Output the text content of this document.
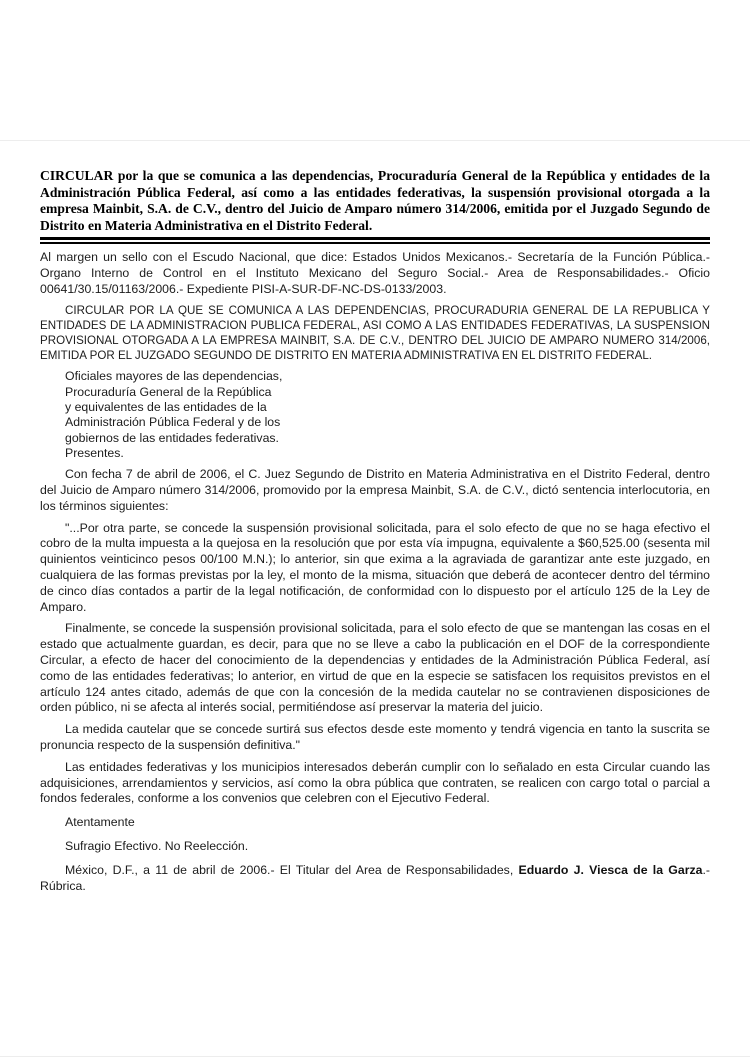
CIRCULAR por la que se comunica a las dependencias, Procuraduría General de la República y entidades de la Administración Pública Federal, así como a las entidades federativas, la suspensión provisional otorgada a la empresa Mainbit, S.A. de C.V., dentro del Juicio de Amparo número 314/2006, emitida por el Juzgado Segundo de Distrito en Materia Administrativa en el Distrito Federal.

Al margen un sello con el Escudo Nacional, que dice: Estados Unidos Mexicanos.- Secretaría de la Función Pública.- Organo Interno de Control en el Instituto Mexicano del Seguro Social.- Area de Responsabilidades.- Oficio 00641/30.15/01163/2006.- Expediente PISI-A-SUR-DF-NC-DS-0133/2003.

CIRCULAR POR LA QUE SE COMUNICA A LAS DEPENDENCIAS, PROCURADURIA GENERAL DE LA REPUBLICA Y ENTIDADES DE LA ADMINISTRACION PUBLICA FEDERAL, ASI COMO A LAS ENTIDADES FEDERATIVAS, LA SUSPENSION PROVISIONAL OTORGADA A LA EMPRESA MAINBIT, S.A. DE C.V., DENTRO DEL JUICIO DE AMPARO NUMERO 314/2006, EMITIDA POR EL JUZGADO SEGUNDO DE DISTRITO EN MATERIA ADMINISTRATIVA EN EL DISTRITO FEDERAL.

Oficiales mayores de las dependencias,
Procuraduría General de la República
y equivalentes de las entidades de la
Administración Pública Federal y de los
gobiernos de las entidades federativas.
Presentes.

Con fecha 7 de abril de 2006, el C. Juez Segundo de Distrito en Materia Administrativa en el Distrito Federal, dentro del Juicio de Amparo número 314/2006, promovido por la empresa Mainbit, S.A. de C.V., dictó sentencia interlocutoria, en los términos siguientes:

"...Por otra parte, se concede la suspensión provisional solicitada, para el solo efecto de que no se haga efectivo el cobro de la multa impuesta a la quejosa en la resolución que por esta vía impugna, equivalente a $60,525.00 (sesenta mil quinientos veinticinco pesos 00/100 M.N.); lo anterior, sin que exima a la agraviada de garantizar ante este juzgado, en cualquiera de las formas previstas por la ley, el monto de la misma, situación que deberá de acontecer dentro del término de cinco días contados a partir de la legal notificación, de conformidad con lo dispuesto por el artículo 125 de la Ley de Amparo.

Finalmente, se concede la suspensión provisional solicitada, para el solo efecto de que se mantengan las cosas en el estado que actualmente guardan, es decir, para que no se lleve a cabo la publicación en el DOF de la correspondiente Circular, a efecto de hacer del conocimiento de la dependencias y entidades de la Administración Pública Federal, así como de las entidades federativas; lo anterior, en virtud de que en la especie se satisfacen los requisitos previstos en el artículo 124 antes citado, además de que con la concesión de la medida cautelar no se contravienen disposiciones de orden público, ni se afecta al interés social, permitiéndose así preservar la materia del juicio.

La medida cautelar que se concede surtirá sus efectos desde este momento y tendrá vigencia en tanto la suscrita se pronuncia respecto de la suspensión definitiva."

Las entidades federativas y los municipios interesados deberán cumplir con lo señalado en esta Circular cuando las adquisiciones, arrendamientos y servicios, así como la obra pública que contraten, se realicen con cargo total o parcial a fondos federales, conforme a los convenios que celebren con el Ejecutivo Federal.

Atentamente

Sufragio Efectivo. No Reelección.

México, D.F., a 11 de abril de 2006.- El Titular del Area de Responsabilidades, Eduardo J. Viesca de la Garza.- Rúbrica.
